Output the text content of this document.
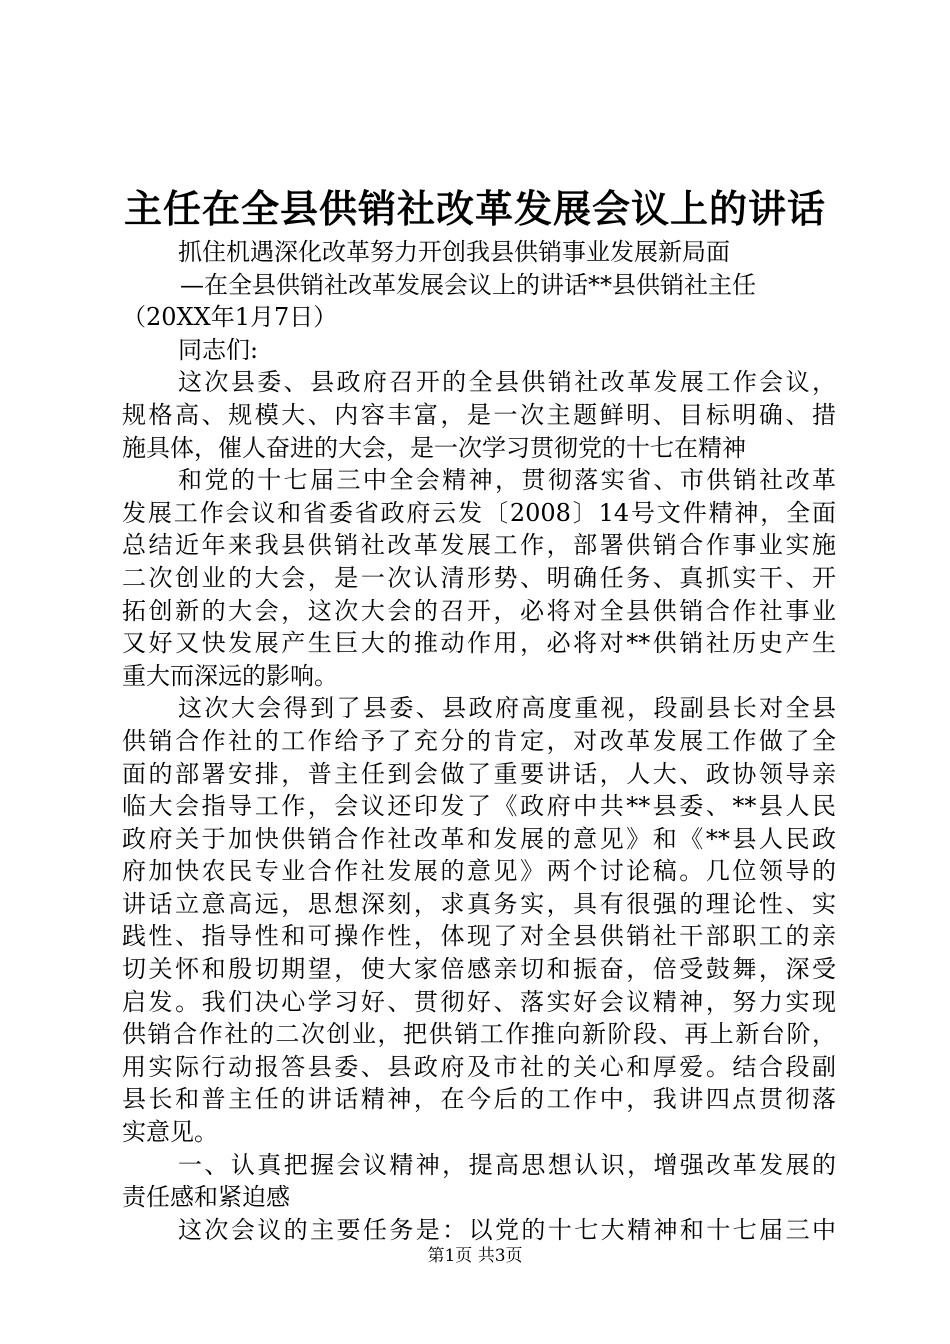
主任在全县供销社改革发展会议上的讲话
抓住机遇深化改革努力开创我县供销事业发展新局面
—在全县供销社改革发展会议上的讲话**县供销社主任
（20XX年1月7日）
同志们:
这次县委、县政府召开的全县供销社改革发展工作会议，
规格高、规模大、内容丰富，是一次主题鲜明、目标明确、措
施具体，催人奋进的大会，是一次学习贯彻党的十七在精神
和党的十七届三中全会精神，贯彻落实省、市供销社改革
发展工作会议和省委省政府云发〔2008〕14号文件精神，全面
总结近年来我县供销社改革发展工作，部署供销合作事业实施
二次创业的大会，是一次认清形势、明确任务、真抓实干、开
拓创新的大会，这次大会的召开，必将对全县供销合作社事业
又好又快发展产生巨大的推动作用，必将对**供销社历史产生
重大而深远的影响。
这次大会得到了县委、县政府高度重视，段副县长对全县
供销合作社的工作给予了充分的肯定，对改革发展工作做了全
面的部署安排，普主任到会做了重要讲话，人大、政协领导亲
临大会指导工作，会议还印发了《政府中共**县委、**县人民
政府关于加快供销合作社改革和发展的意见》和《**县人民政
府加快农民专业合作社发展的意见》两个讨论稿。几位领导的
讲话立意高远，思想深刻，求真务实，具有很强的理论性、实
践性、指导性和可操作性，体现了对全县供销社干部职工的亲
切关怀和殷切期望，使大家倍感亲切和振奋，倍受鼓舞，深受
启发。我们决心学习好、贯彻好、落实好会议精神，努力实现
供销合作社的二次创业，把供销工作推向新阶段、再上新台阶，
用实际行动报答县委、县政府及市社的关心和厚爱。结合段副
县长和普主任的讲话精神，在今后的工作中，我讲四点贯彻落
实意见。
一、认真把握会议精神，提高思想认识，增强改革发展的
责任感和紧迫感
这次会议的主要任务是：以党的十七大精神和十七届三中
第1页 共3页
